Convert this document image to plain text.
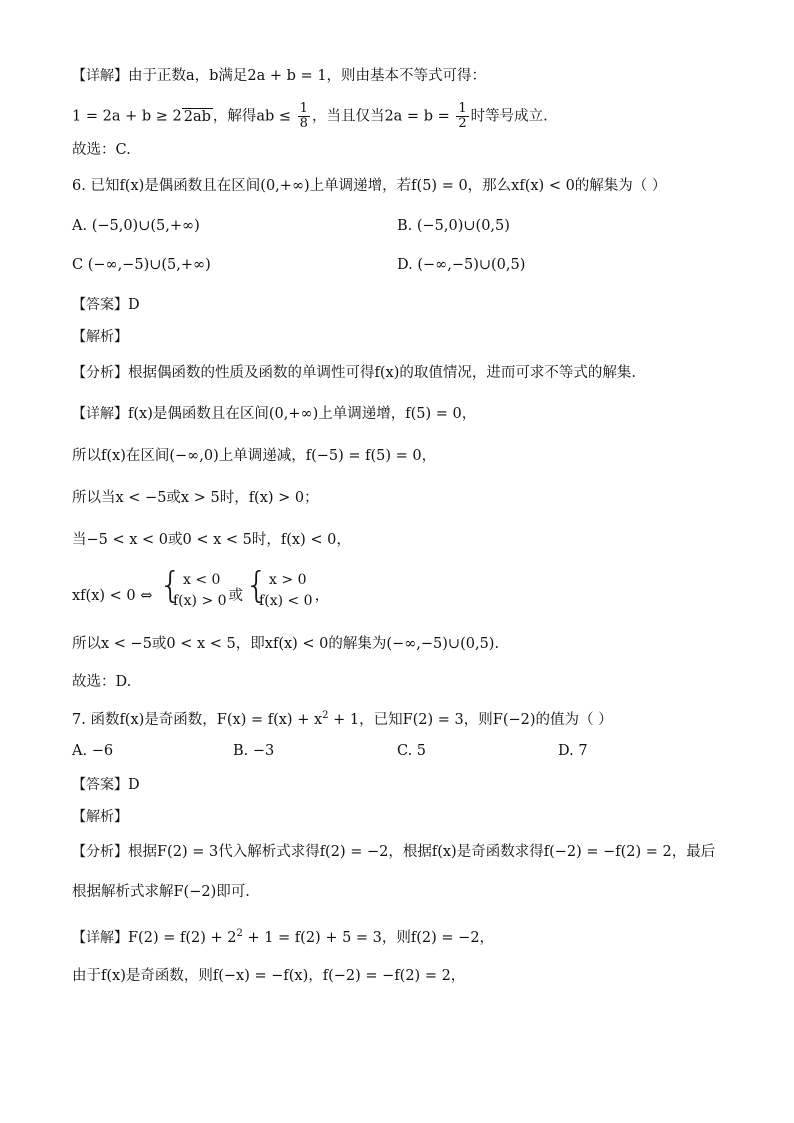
【详解】由于正数a，b满足2a + b = 1，则由基本不等式可得：
1 = 2a + b ≥ 2 2ab ，解得ab ≤ $\frac{1}{8}$ ，当且仅当$2a = b = \frac{1}{2}$ 时等号成立.
故选：C.
6. 已知f(x)是偶函数且在区间(0,+∞)上单调递增，若f(5) = 0，那么xf(x) < 0的解集为（ ）
A. (−5,0)∪(5,+∞)	B. (−5,0)∪(0,5)
C (−∞,−5)∪(5,+∞)	D. (−∞,−5)∪(0,5)
【答案】D
【解析】
【分析】根据偶函数的性质及函数的单调性可得f(x)的取值情况，进而可求不等式的解集.
【详解】f(x)是偶函数且在区间(0,+∞)上单调递增，f(5) = 0，
所以f(x)在区间(−∞,0)上单调递减，f(−5) = f(5) = 0，
所以当x < −5或x > 5时，f(x) > 0；
当−5 < x < 0或0 < x < 5时，f(x) < 0，
xf(x) < 0 ⇔ { x < 0
f(x) > 0 或 { x > 0
f(x) < 0 ，
所以x < −5或0 < x < 5，即xf(x) < 0的解集为(−∞,−5)∪(0,5).
故选：D.
7. 函数f(x)是奇函数，$F(x) = f(x) + x^2 + 1$，已知F(2) = 3，则F(−2)的值为（ ）
A. −6	B. −3	C. 5	D. 7
【答案】D
【解析】
【分析】根据F(2) = 3代入解析式求得f(2) = −2，根据f(x)是奇函数求得f(−2) = −f(2) = 2，最后
根据解析式求解F(−2)即可.
【详解】$F(2) = f(2) + 2^2 + 1 = f(2) + 5 = 3$，则f(2) = −2，
由于f(x)是奇函数，则f(−x) = −f(x)，f(−2) = −f(2) = 2，
